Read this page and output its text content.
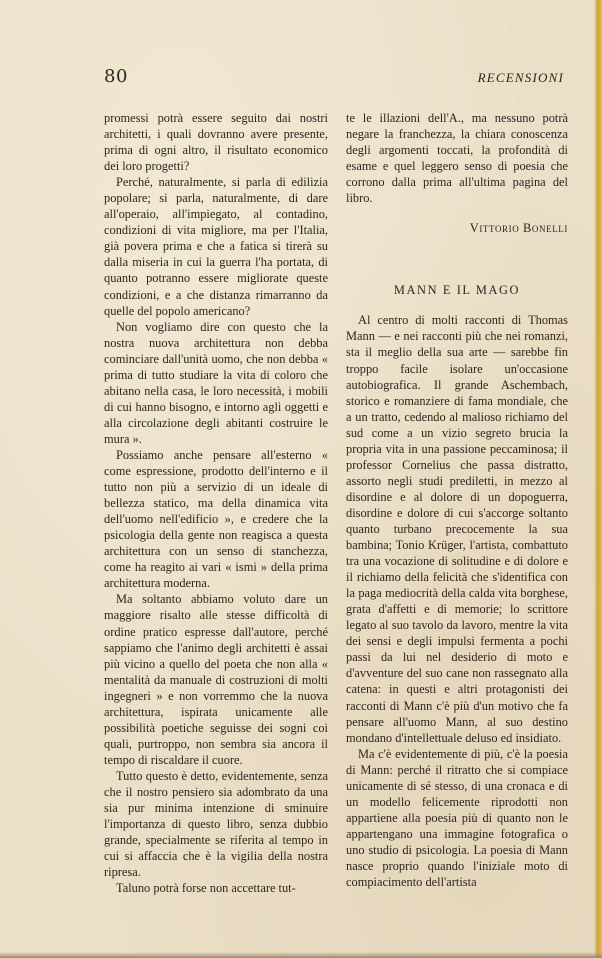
80	RECENSIONI

promessi potrà essere seguito dai nostri architetti, i quali dovranno avere presente, prima di ogni altro, il risultato economico dei loro progetti?

Perché, naturalmente, si parla di edilizia popolare; si parla, naturalmente, di dare all'operaio, all'impiegato, al contadino, condizioni di vita migliore, ma per l'Italia, già povera prima e che a fatica si tirerà su dalla miseria in cui la guerra l'ha portata, di quanto potranno essere migliorate queste condizioni, e a che distanza rimarranno da quelle del popolo americano?

Non vogliamo dire con questo che la nostra nuova architettura non debba cominciare dall'unità uomo, che non debba « prima di tutto studiare la vita di coloro che abitano nella casa, le loro necessità, i mobili di cui hanno bisogno, e intorno agli oggetti e alla circolazione degli abitanti costruire le mura ».

Possiamo anche pensare all'esterno « come espressione, prodotto dell'interno e il tutto non più a servizio di un ideale di bellezza statico, ma della dinamica vita dell'uomo nell'edificio », e credere che la psicologia della gente non reagisca a questa architettura con un senso di stanchezza, come ha reagito ai vari « ismi » della prima architettura moderna.

Ma soltanto abbiamo voluto dare un maggiore risalto alle stesse difficoltà di ordine pratico espresse dall'autore, perché sappiamo che l'animo degli architetti è assai più vicino a quello del poeta che non alla « mentalità da manuale di costruzioni di molti ingegneri » e non vorremmo che la nuova architettura, ispirata unicamente alle possibilità poetiche seguisse dei sogni coi quali, purtroppo, non sembra sia ancora il tempo di riscaldare il cuore.

Tutto questo è detto, evidentemente, senza che il nostro pensiero sia adombrato da una sia pur minima intenzione di sminuire l'importanza di questo libro, senza dubbio grande, specialmente se riferita al tempo in cui si affaccia che è la vigilia della nostra ripresa.

Taluno potrà forse non accettare tut-

te le illazioni dell'A., ma nessuno potrà negare la franchezza, la chiara conoscenza degli argomenti toccati, la profondità di esame e quel leggero senso di poesia che corrono dalla prima all'ultima pagina del libro.

Vittorio Bonelli
MANN E IL MAGO

Al centro di molti racconti di Thomas Mann — e nei racconti più che nei romanzi, sta il meglio della sua arte — sarebbe fin troppo facile isolare un'occasione autobiografica. Il grande Aschembach, storico e romanziere di fama mondiale, che a un tratto, cedendo al malioso richiamo del sud come a un vizio segreto brucia la propria vita in una passione peccaminosa; il professor Cornelius che passa distratto, assorto negli studi prediletti, in mezzo al disordine e al dolore di un dopoguerra, disordine e dolore di cui s'accorge soltanto quanto turbano precocemente la sua bambina; Tonio Krüger, l'artista, combattuto tra una vocazione di solitudine e di dolore e il richiamo della felicità che s'identifica con la paga mediocrità della calda vita borghese, grata d'affetti e di memorie; lo scrittore legato al suo tavolo da lavoro, mentre la vita dei sensi e degli impulsi fermenta a pochi passi da lui nel desiderio di moto e d'avventure del suo cane non rassegnato alla catena: in questi e altri protagonisti dei racconti di Mann c'è più d'un motivo che fa pensare all'uomo Mann, al suo destino mondano d'intellettuale deluso ed insidiato.

Ma c'è evidentemente di più, c'è la poesia di Mann: perché il ritratto che si compiace unicamente di sé stesso, di una cronaca e di un modello felicemente riprodotti non appartiene alla poesia più di quanto non le appartengano una immagine fotografica o uno studio di psicologia. La poesia di Mann nasce proprio quando l'iniziale moto di compiacimento dell'artista
